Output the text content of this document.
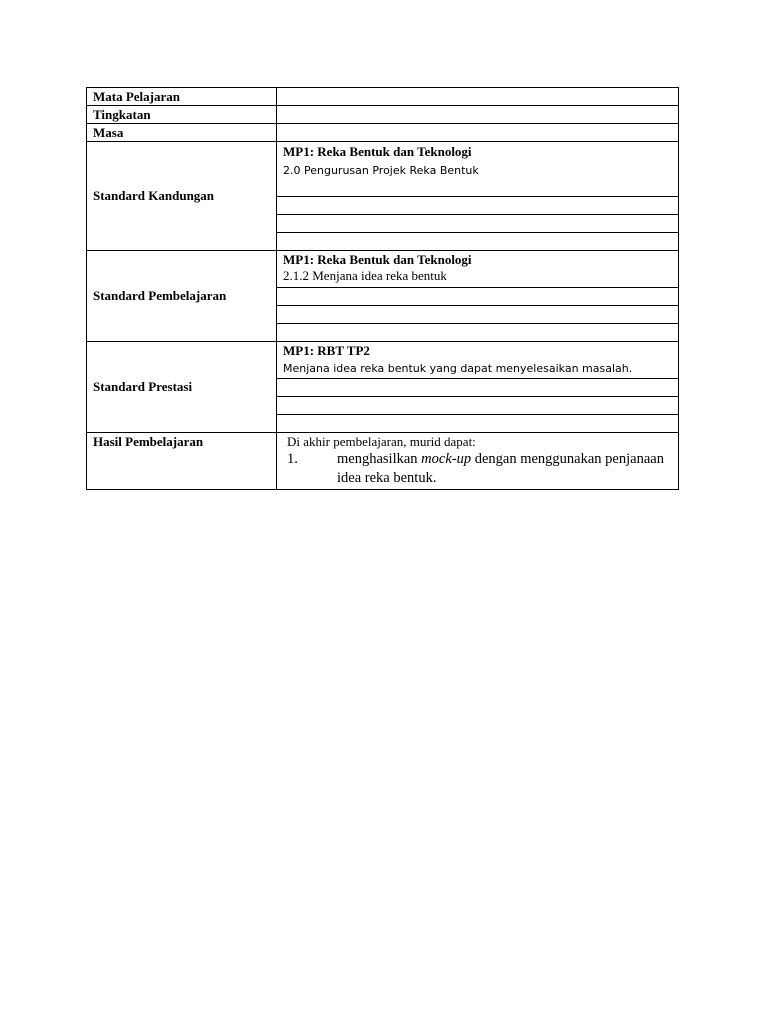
Mata Pelajaran	
Tingkatan	
Masa	
Standard Kandungan	MP1: Reka Bentuk dan Teknologi
2.0 Pengurusan Projek Reka Bentuk

Standard Pembelajaran	MP1: Reka Bentuk dan Teknologi
2.1.2 Menjana idea reka bentuk

Standard Prestasi	MP1: RBT TP2
Menjana idea reka bentuk yang dapat menyelesaikan masalah.

Hasil Pembelajaran	Di akhir pembelajaran, murid dapat:
1. menghasilkan mock-up dengan menggunakan penjanaan idea reka bentuk.
